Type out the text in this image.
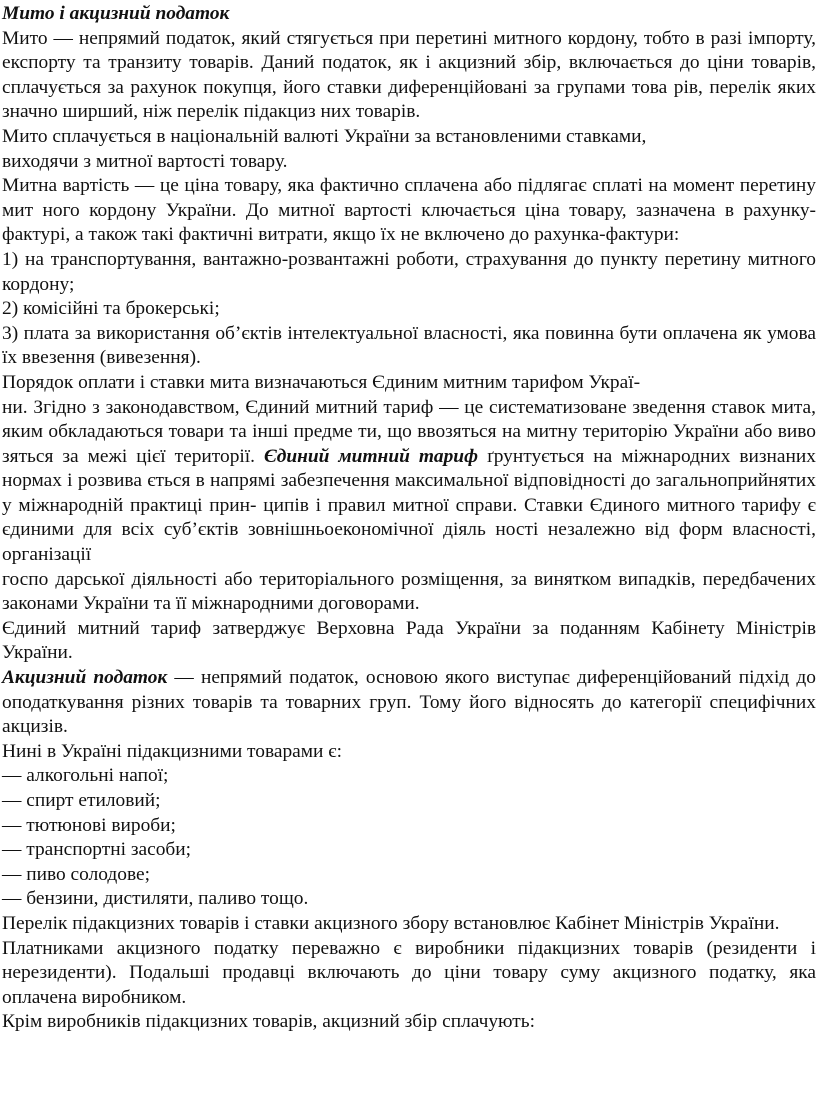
Мито і акцизний податок

Мито — непрямий податок, який стягується при перетині митного кордону, тобто в разі імпорту, експорту та транзиту товарів. Даний податок, як і акцизний збір, включається до ціни товарів, сплачується за рахунок покупця, його ставки диференційовані за групами това рів, перелік яких значно ширший, ніж перелік підакциз них товарів.

Мито сплачується в національній валюті України за встановленими ставками,

виходячи з митної вартості товару.

Митна вартість — це ціна товару, яка фактично сплачена або підлягає сплаті на момент перетину мит ного кордону України. До митної вартості ключається ціна товару, зазначена в рахунку-фактурі, а також такі фактичні витрати, якщо їх не включено до рахунка-фактури:

1) на транспортування, вантажно-розвантажні роботи, страхування до пункту перетину митного кордону;

2) комісійні та брокерські;

3) плата за використання об’єктів інтелектуальної власності, яка повинна бути оплачена як умова їх ввезення (вивезення).

Порядок оплати і ставки мита визначаються Єдиним митним тарифом Украї-

ни. Згідно з законодавством, Єдиний митний тариф — це систематизоване зведення ставок мита, яким обкладаються товари та інші предме ти, що ввозяться на митну територію України або виво зяться за межі цієї території. Єдиний митний тариф ґрунтується на міжнародних визнаних нормах і розвива ється в напрямі забезпечення максимальної відповідності до загальноприйнятих у міжнародній практиці прин- ципів і правил митної справи. Ставки Єдиного митного тарифу є єдиними для всіх суб’єктів зовнішньоекономічної діяль ності незалежно від форм власності, організації

госпо дарської діяльності або територіального розміщення, за винятком випадків, передбачених законами України та її міжнародними договорами.

Єдиний митний тариф затверджує Верховна Рада України за поданням Кабінету Міністрів України.

Акцизний податок — непрямий податок, основою якого виступає диференційований підхід до оподаткування різних товарів та товарних груп. Тому його відносять до категорії специфічних акцизів.

Нині в Україні підакцизними товарами є:

— алкогольні напої;

— спирт етиловий;

— тютюнові вироби;

— транспортні засоби;

— пиво солодове;

— бензини, дистиляти, паливо тощо.

Перелік підакцизних товарів і ставки акцизного збору встановлює Кабінет Міністрів України.

Платниками акцизного податку переважно є виробники підакцизних товарів (резиденти і нерезиденти). Подальші продавці включають до ціни товару суму акцизного податку, яка оплачена виробником.

Крім виробників підакцизних товарів, акцизний збір сплачують:
